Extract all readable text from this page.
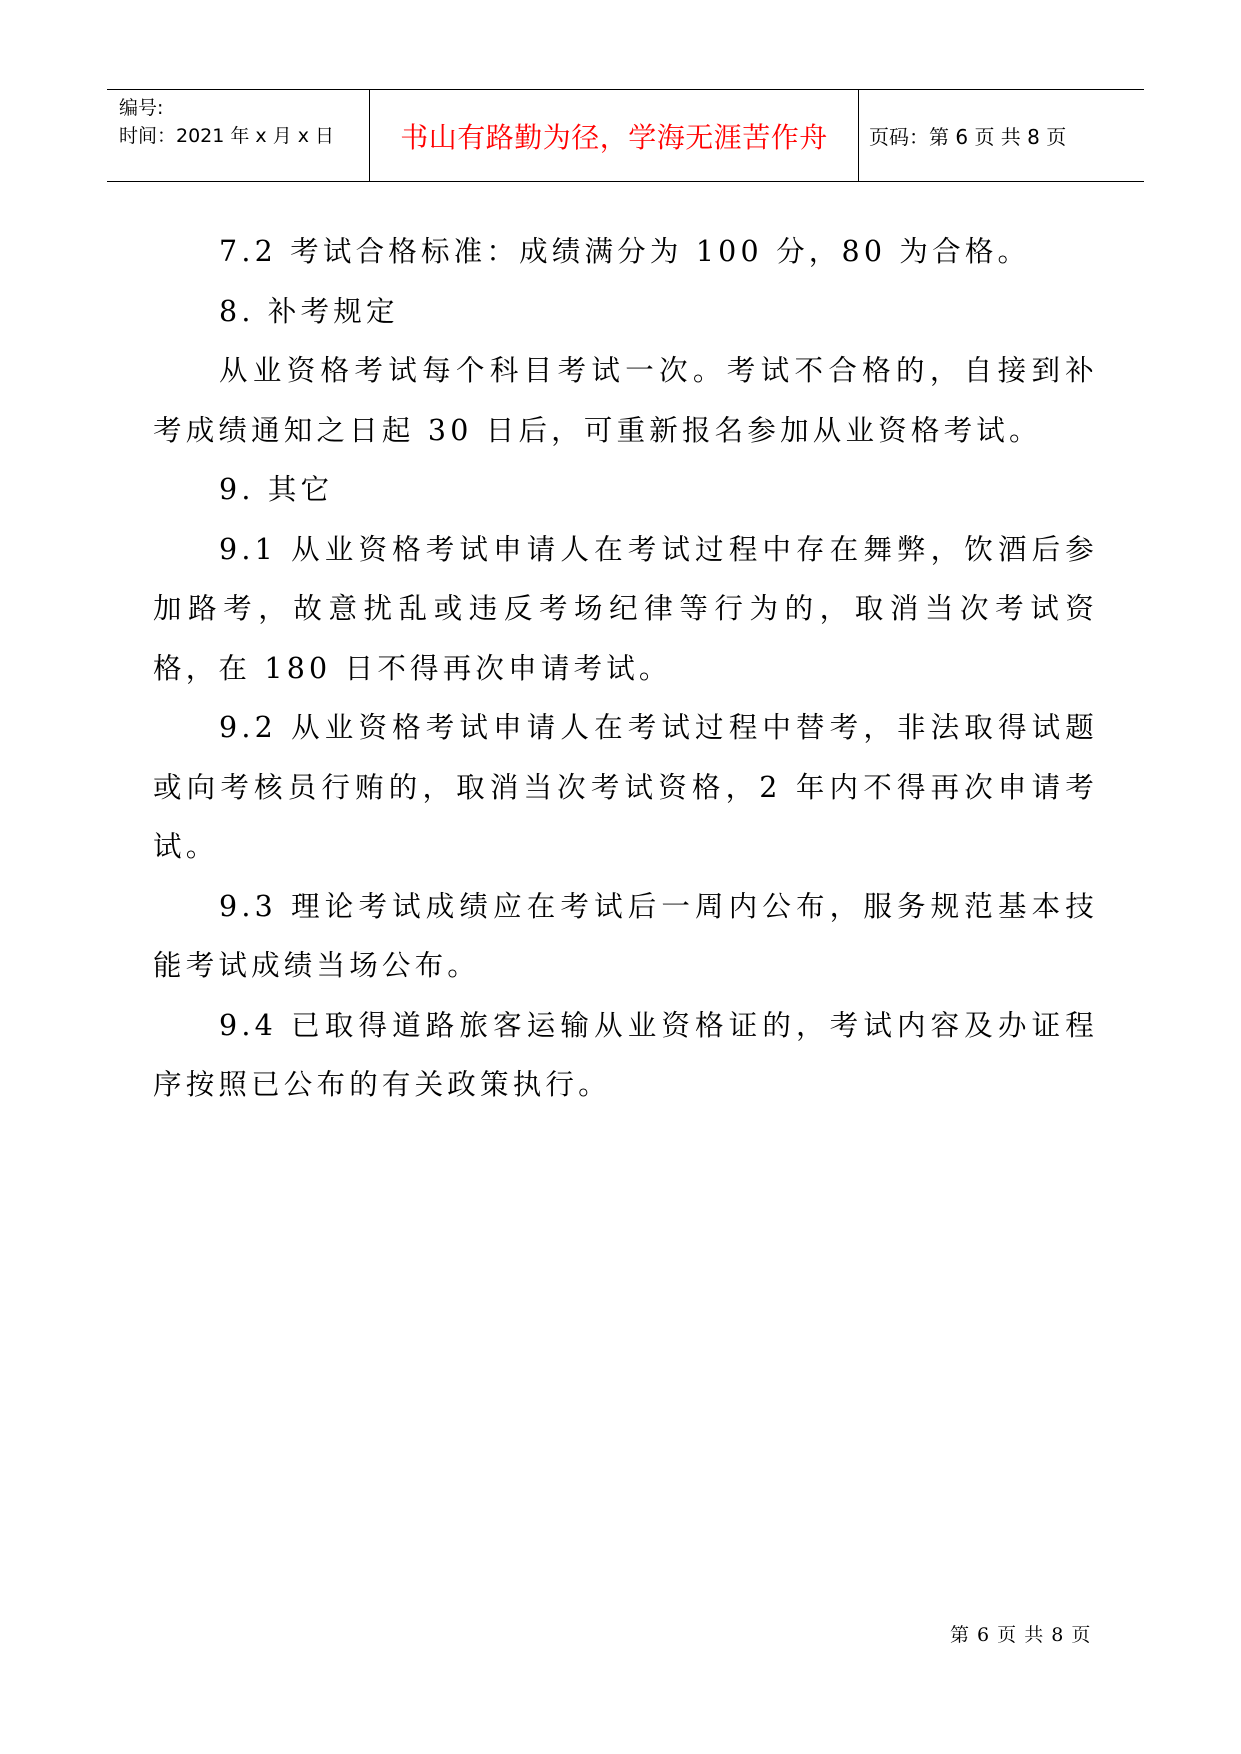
编号:
时间：2021 年 x 月 x 日	书山有路勤为径，学海无涯苦作舟	页码：第 6 页 共 8 页

7.2 考试合格标准：成绩满分为 100 分，80 为合格。

8. 补考规定

从业资格考试每个科目考试一次。考试不合格的，自接到补考成绩通知之日起 30 日后，可重新报名参加从业资格考试。

9. 其它

9.1 从业资格考试申请人在考试过程中存在舞弊，饮酒后参加路考，故意扰乱或违反考场纪律等行为的，取消当次考试资格，在 180 日不得再次申请考试。

9.2 从业资格考试申请人在考试过程中替考，非法取得试题或向考核员行贿的，取消当次考试资格，2 年内不得再次申请考试。

9.3 理论考试成绩应在考试后一周内公布，服务规范基本技能考试成绩当场公布。

9.4 已取得道路旅客运输从业资格证的，考试内容及办证程序按照已公布的有关政策执行。

第 6 页 共 8 页
